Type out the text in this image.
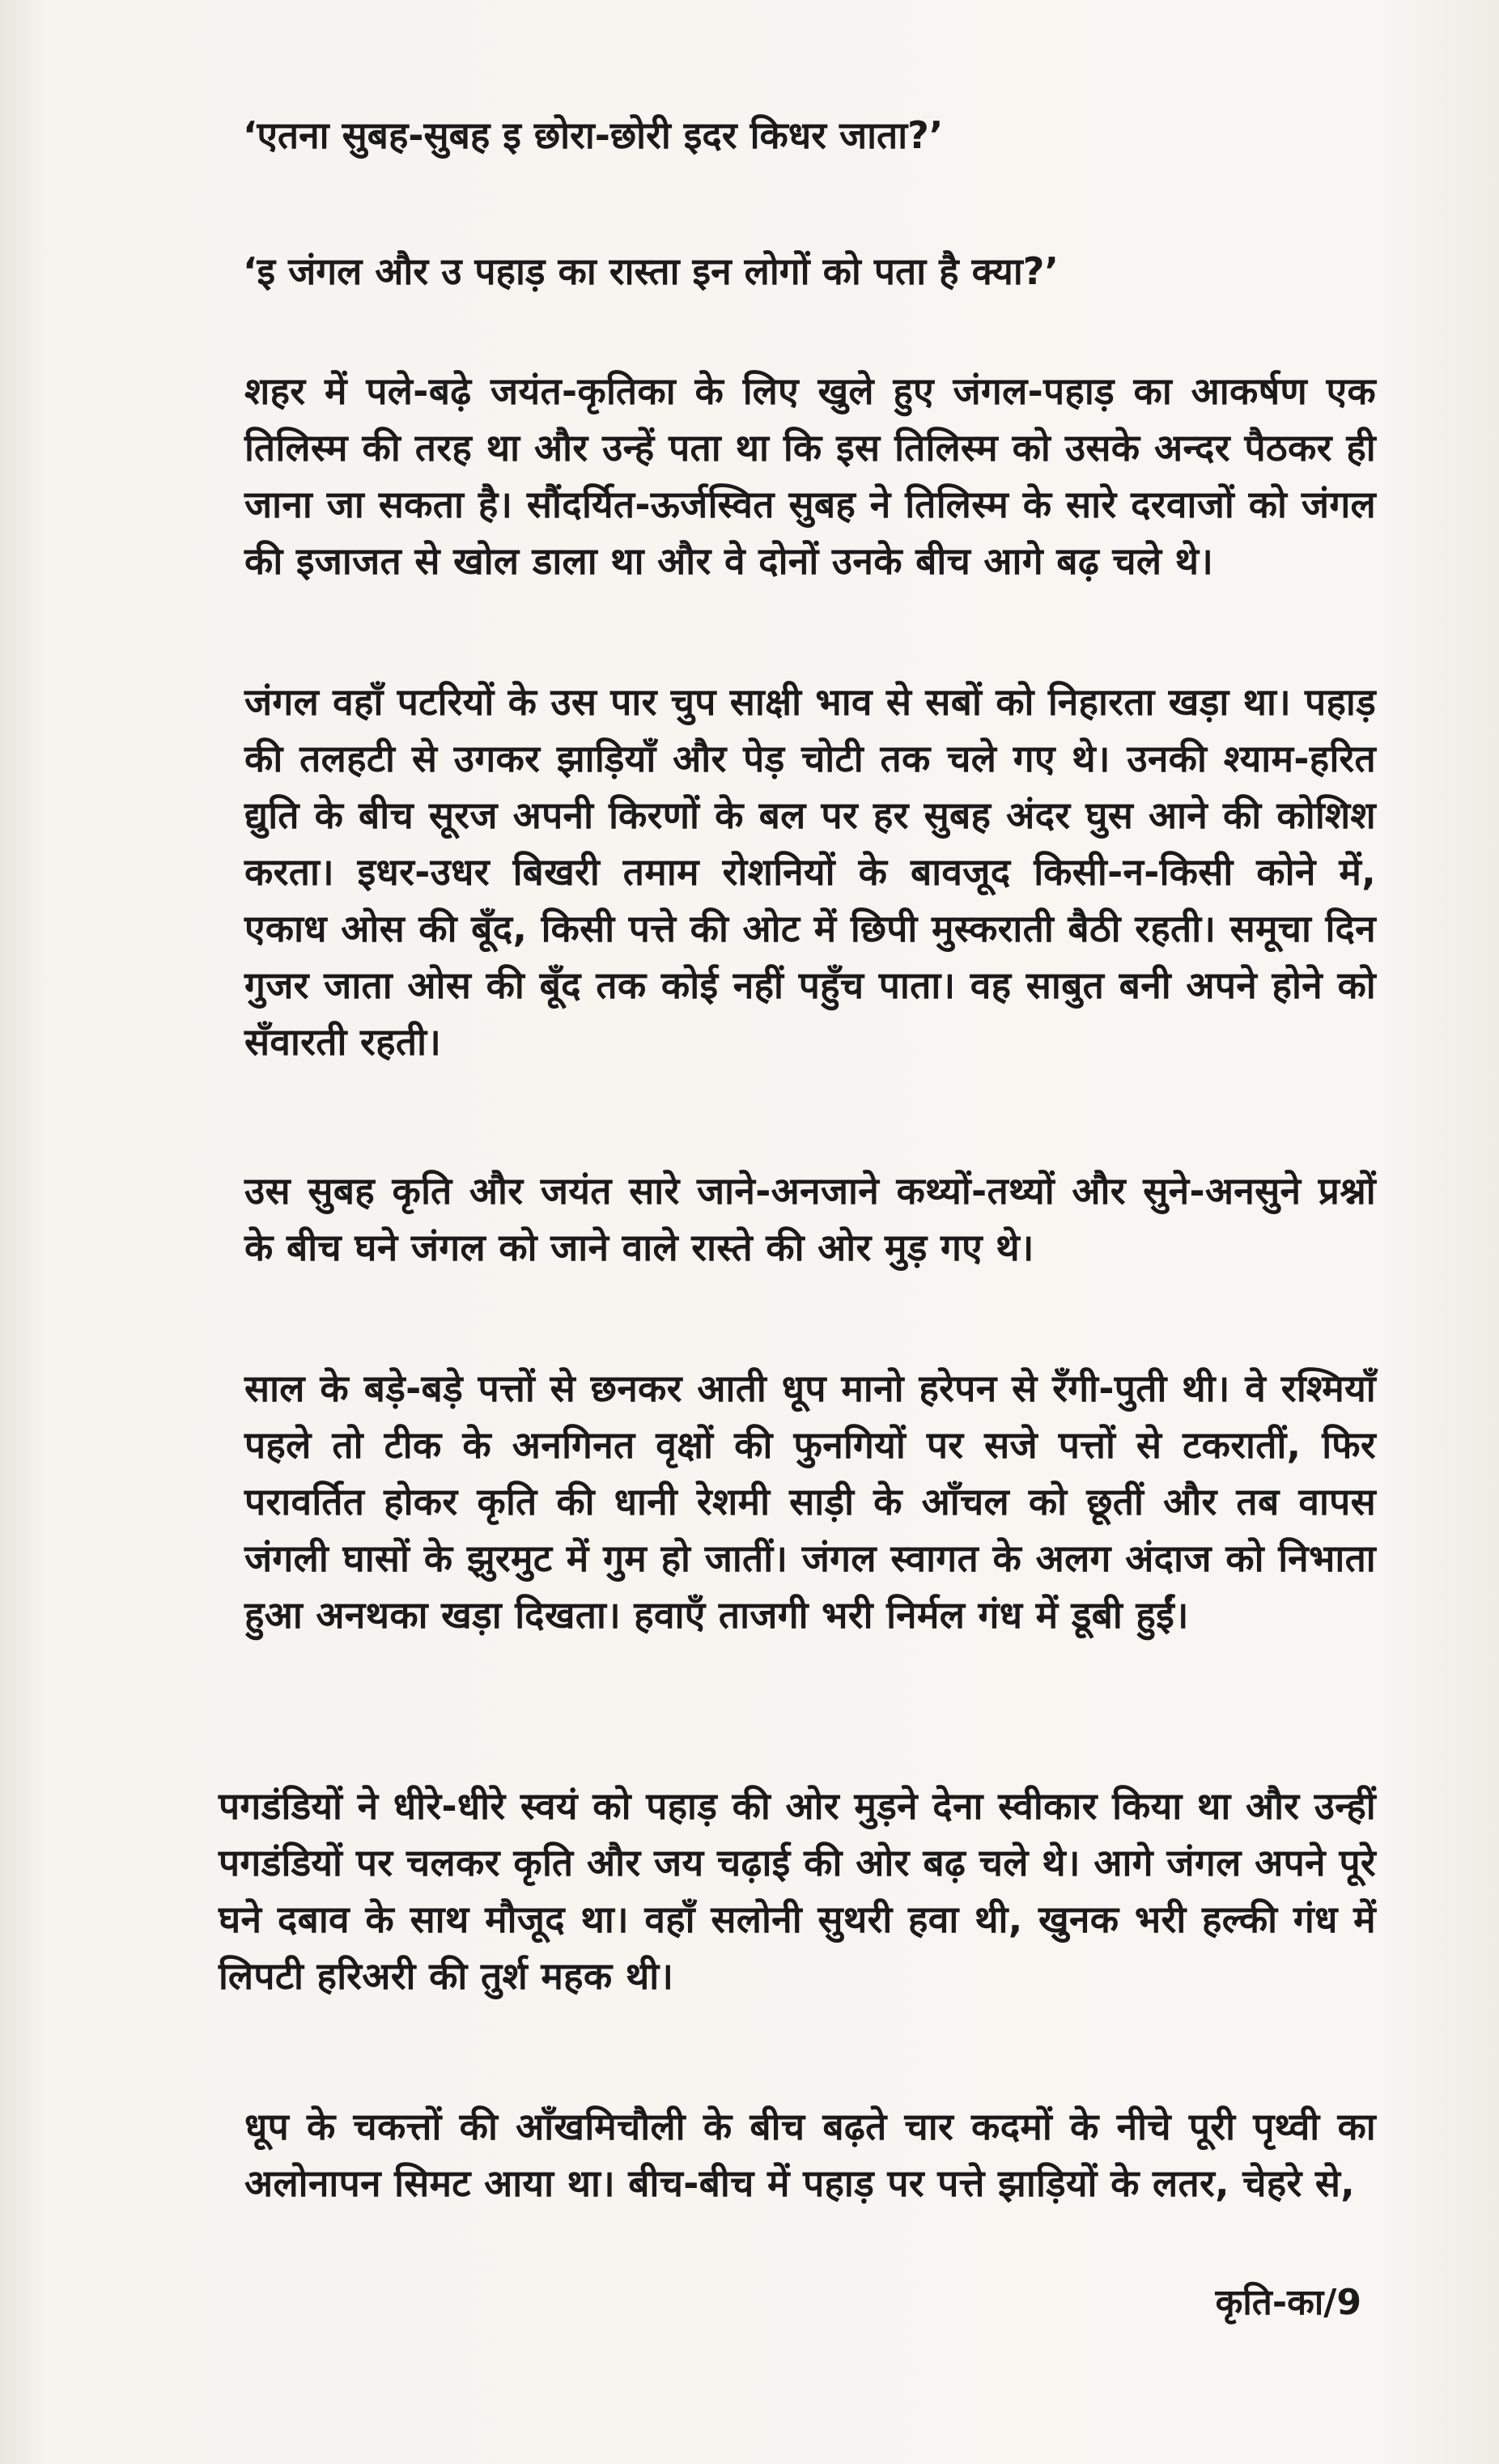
‘एतना सुबह-सुबह इ छोरा-छोरी इदर किधर जाता?’
‘इ जंगल और उ पहाड़ का रास्ता इन लोगों को पता है क्या?’

शहर में पले-बढ़े जयंत-कृतिका के लिए खुले हुए जंगल-पहाड़ का आकर्षण एक तिलिस्म की तरह था और उन्हें पता था कि इस तिलिस्म को उसके अन्दर पैठकर ही जाना जा सकता है। सौंदर्यित-ऊर्जस्वित सुबह ने तिलिस्म के सारे दरवाजों को जंगल की इजाजत से खोल डाला था और वे दोनों उनके बीच आगे बढ़ चले थे।

जंगल वहाँ पटरियों के उस पार चुप साक्षी भाव से सबों को निहारता खड़ा था। पहाड़ की तलहटी से उगकर झाड़ियाँ और पेड़ चोटी तक चले गए थे। उनकी श्याम-हरित द्युति के बीच सूरज अपनी किरणों के बल पर हर सुबह अंदर घुस आने की कोशिश करता। इधर-उधर बिखरी तमाम रोशनियों के बावजूद किसी-न-किसी कोने में, एकाध ओस की बूँद, किसी पत्ते की ओट में छिपी मुस्कराती बैठी रहती। समूचा दिन गुजर जाता ओस की बूँद तक कोई नहीं पहुँच पाता। वह साबुत बनी अपने होने को सँवारती रहती।

उस सुबह कृति और जयंत सारे जाने-अनजाने कथ्यों-तथ्यों और सुने-अनसुने प्रश्नों के बीच घने जंगल को जाने वाले रास्ते की ओर मुड़ गए थे।

साल के बड़े-बड़े पत्तों से छनकर आती धूप मानो हरेपन से रँगी-पुती थी। वे रश्मियाँ पहले तो टीक के अनगिनत वृक्षों की फुनगियों पर सजे पत्तों से टकरातीं, फिर परावर्तित होकर कृति की धानी रेशमी साड़ी के आँचल को छूतीं और तब वापस जंगली घासों के झुरमुट में गुम हो जातीं। जंगल स्वागत के अलग अंदाज को निभाता हुआ अनथका खड़ा दिखता। हवाएँ ताजगी भरी निर्मल गंध में डूबी हुईं।

पगडंडियों ने धीरे-धीरे स्वयं को पहाड़ की ओर मुड़ने देना स्वीकार किया था और उन्हीं पगडंडियों पर चलकर कृति और जय चढ़ाई की ओर बढ़ चले थे। आगे जंगल अपने पूरे घने दबाव के साथ मौजूद था। वहाँ सलोनी सुथरी हवा थी, खुनक भरी हल्की गंध में लिपटी हरिअरी की तुर्श महक थी।

धूप के चकत्तों की आँखमिचौली के बीच बढ़ते चार कदमों के नीचे पूरी पृथ्वी का अलोनापन सिमट आया था। बीच-बीच में पहाड़ पर पत्ते झाड़ियों के लतर, चेहरे से,

कृति-का/9
